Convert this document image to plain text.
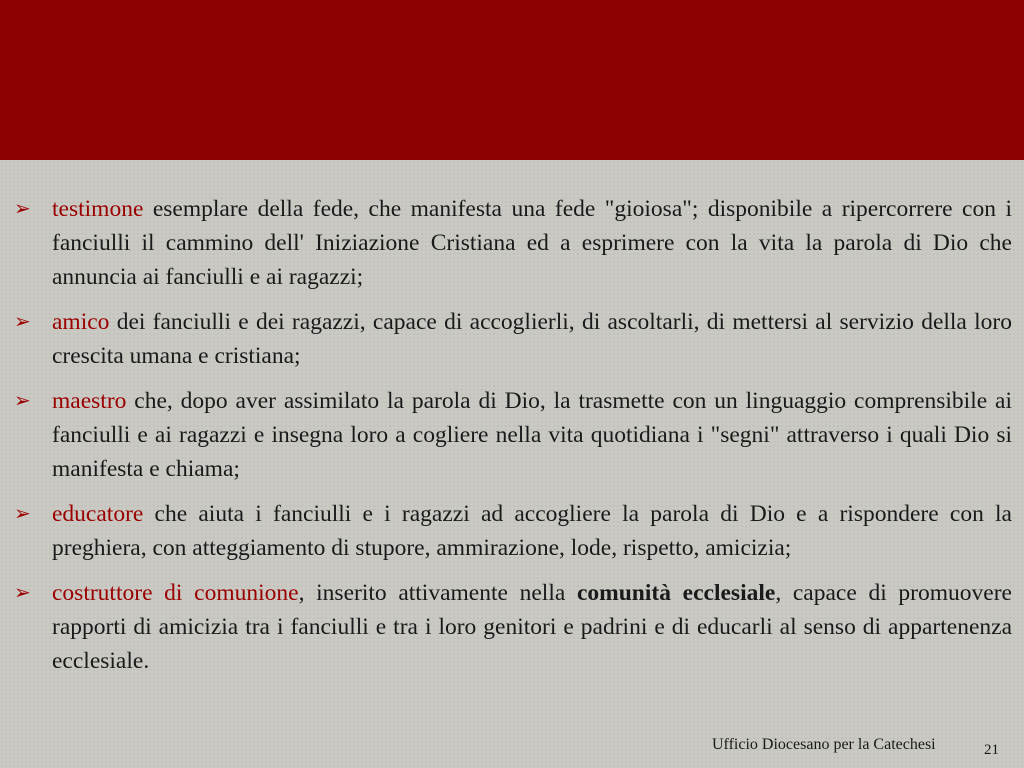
➢ testimone esemplare della fede, che manifesta una fede "gioiosa"; disponibile a ripercorrere con i fanciulli il cammino dell' Iniziazione Cristiana ed a esprimere con la vita la parola di Dio che annuncia ai fanciulli e ai ragazzi;
➢ amico dei fanciulli e dei ragazzi, capace di accoglierli, di ascoltarli, di mettersi al servizio della loro crescita umana e cristiana;
➢ maestro che, dopo aver assimilato la parola di Dio, la trasmette con un linguaggio comprensibile ai fanciulli e ai ragazzi e insegna loro a cogliere nella vita quotidiana i "segni" attraverso i quali Dio si manifesta e chiama;
➢ educatore che aiuta i fanciulli e i ragazzi ad accogliere la parola di Dio e a rispondere con la preghiera, con atteggiamento di stupore, ammirazione, lode, rispetto, amicizia;
➢ costruttore di comunione, inserito attivamente nella comunità ecclesiale, capace di promuovere rapporti di amicizia tra i fanciulli e tra i loro genitori e padrini e di educarli al senso di appartenenza ecclesiale.
Ufficio Diocesano per la Catechesi	21
